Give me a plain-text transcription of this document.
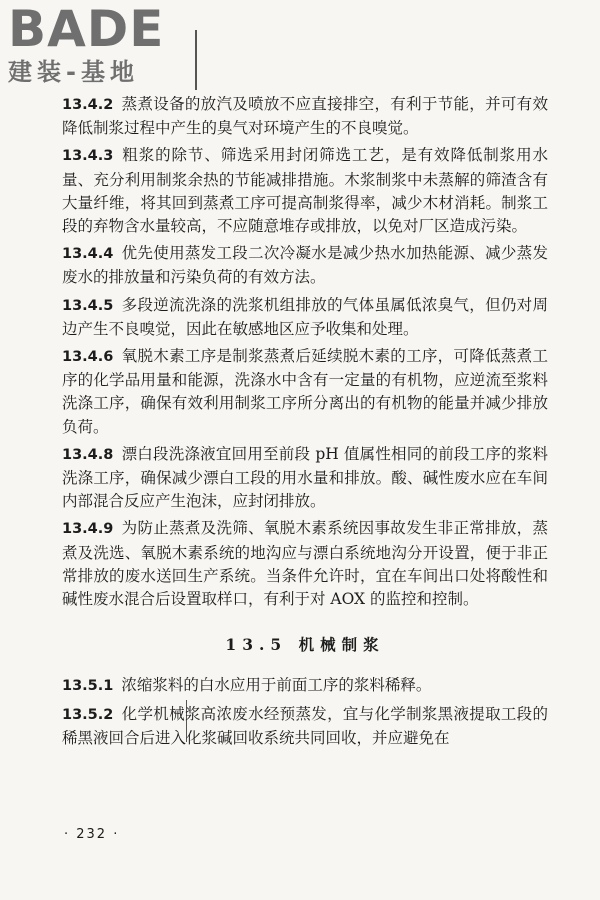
BADE
建装-基地

13.4.2 蒸煮设备的放汽及喷放不应直接排空，有利于节能，并可有效降低制浆过程中产生的臭气对环境产生的不良嗅觉。

13.4.3 粗浆的除节、筛选采用封闭筛选工艺，是有效降低制浆用水量、充分利用制浆余热的节能减排措施。木浆制浆中未蒸解的筛渣含有大量纤维，将其回到蒸煮工序可提高制浆得率，减少木材消耗。制浆工段的弃物含水量较高，不应随意堆存或排放，以免对厂区造成污染。

13.4.4 优先使用蒸发工段二次冷凝水是减少热水加热能源、减少蒸发废水的排放量和污染负荷的有效方法。

13.4.5 多段逆流洗涤的洗浆机组排放的气体虽属低浓臭气，但仍对周边产生不良嗅觉，因此在敏感地区应予收集和处理。

13.4.6 氧脱木素工序是制浆蒸煮后延续脱木素的工序，可降低蒸煮工序的化学品用量和能源，洗涤水中含有一定量的有机物，应逆流至浆料洗涤工序，确保有效利用制浆工序所分离出的有机物的能量并减少排放负荷。

13.4.8 漂白段洗涤液宜回用至前段 pH 值属性相同的前段工序的浆料洗涤工序，确保减少漂白工段的用水量和排放。酸、碱性废水应在车间内部混合反应产生泡沫，应封闭排放。

13.4.9 为防止蒸煮及洗筛、氧脱木素系统因事故发生非正常排放，蒸煮及洗选、氧脱木素系统的地沟应与漂白系统地沟分开设置，便于非正常排放的废水送回生产系统。当条件允许时，宜在车间出口处将酸性和碱性废水混合后设置取样口，有利于对 AOX 的监控和控制。

13.5 机械制浆

13.5.1 浓缩浆料的白水应用于前面工序的浆料稀释。

13.5.2 化学机械浆高浓废水经预蒸发，宜与化学制浆黑液提取工段的稀黑液回合后进入化浆碱回收系统共同回收，并应避免在

· 232 ·
